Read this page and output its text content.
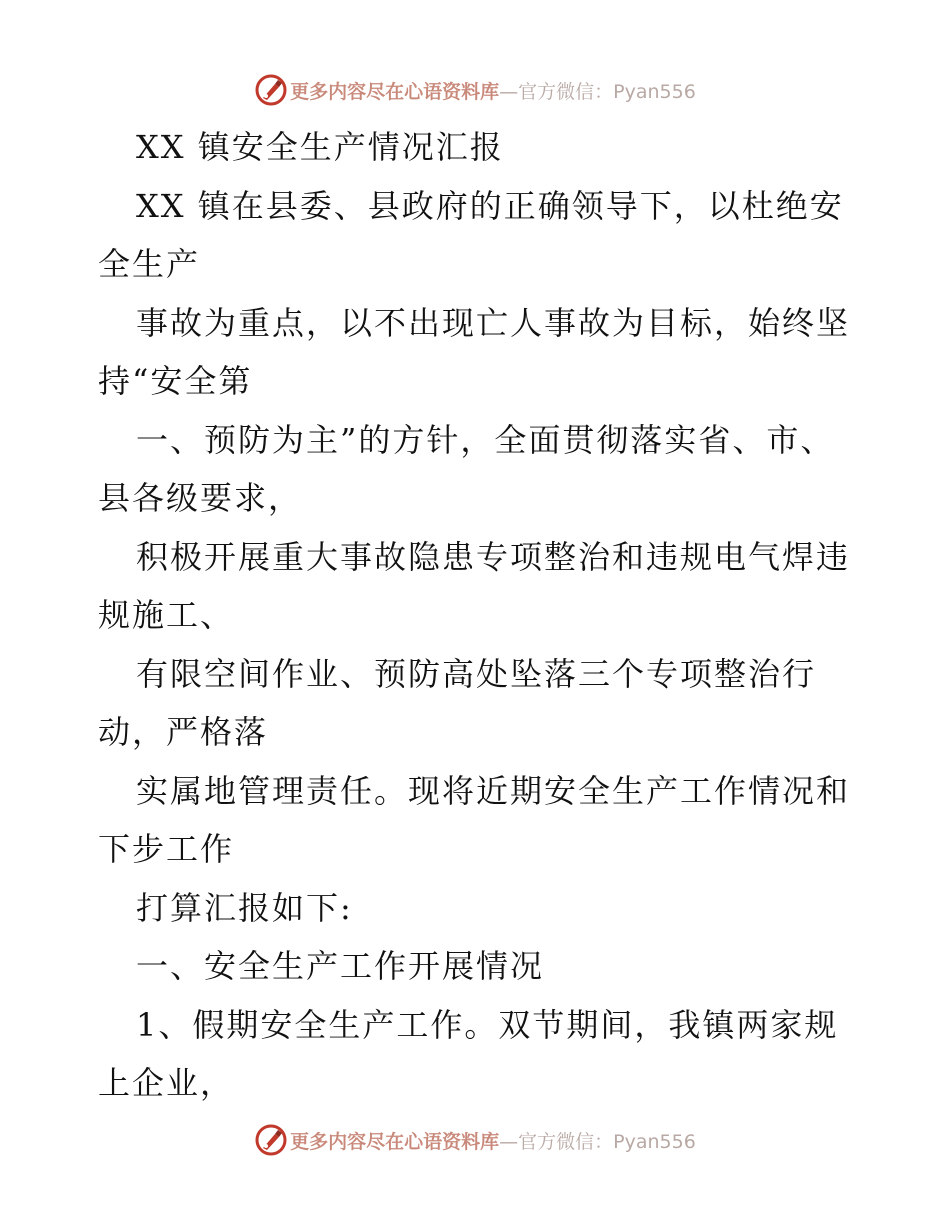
更多内容尽在心语资料库—官方微信：Pyan556
XX 镇安全生产情况汇报
XX 镇在县委、县政府的正确领导下，以杜绝安
全生产
事故为重点，以不出现亡人事故为目标，始终坚
持“安全第
一、预防为主”的方针，全面贯彻落实省、市、
县各级要求，
积极开展重大事故隐患专项整治和违规电气焊违
规施工、
有限空间作业、预防高处坠落三个专项整治行
动，严格落
实属地管理责任。现将近期安全生产工作情况和
下步工作
打算汇报如下:
一、安全生产工作开展情况
1、假期安全生产工作。双节期间，我镇两家规
上企业，
更多内容尽在心语资料库—官方微信：Pyan556
